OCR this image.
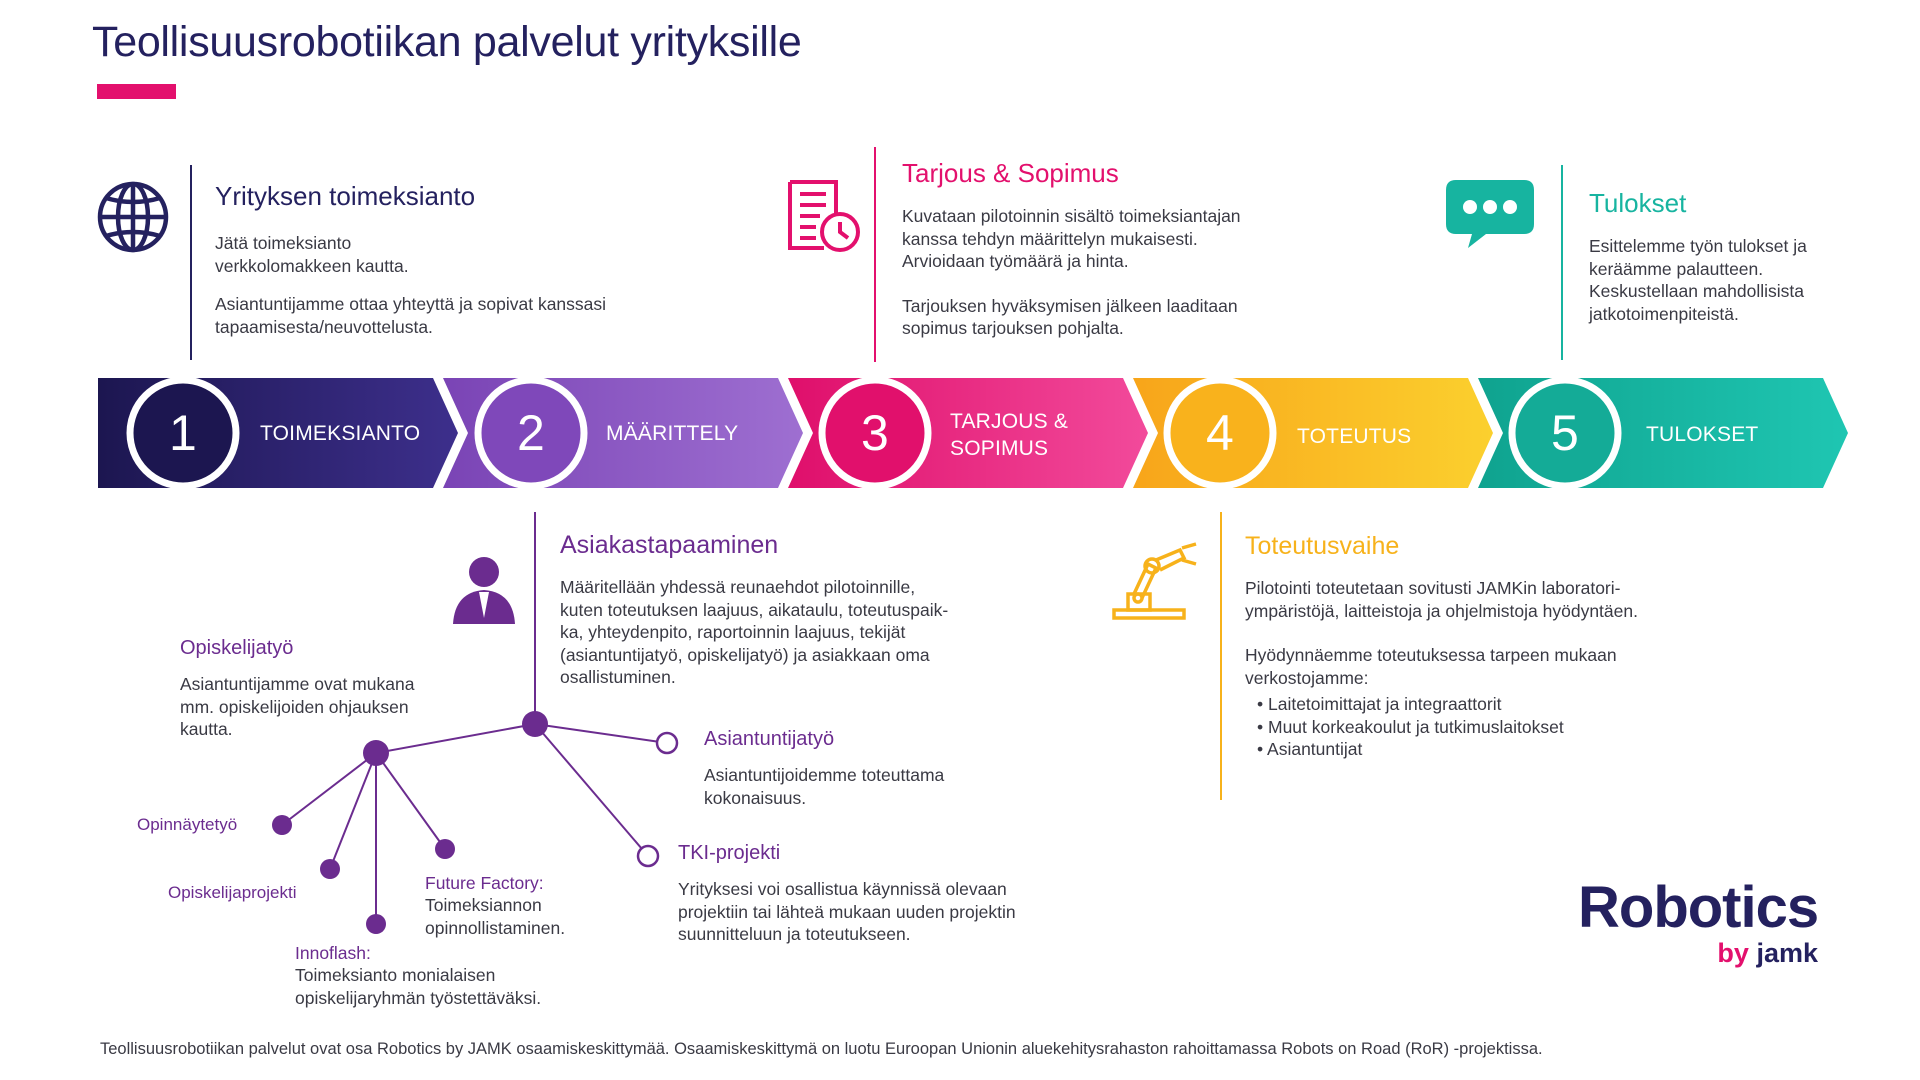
Teollisuusrobotiikan palvelut yrityksille
Yrityksen toimeksianto

Jätä toimeksianto verkkolomakkeen kautta.

Asiantuntijamme ottaa yhteyttä ja sopivat kanssasi tapaamisesta/neuvottelusta.

Tarjous & Sopimus

Kuvataan pilotoinnin sisältö toimeksiantajan kanssa tehdyn määrittelyn mukaisesti. Arvioidaan työmäärä ja hinta.

Tarjouksen hyväksymisen jälkeen laaditaan sopimus tarjouksen pohjalta.

Tulokset

Esittelemme työn tulokset ja keräämme palautteen. Keskustellaan mahdollisista jatkotoimenpiteistä.

1	TOIMEKSIANTO 2	MÄÄRITTELY 3	TARJOUS &
SOPIMUS	4	TOTEUTUS	5	TULOKSET
Asiakastapaaminen

Määritellään yhdessä reunaehdot pilotoinnille, kuten toteutuksen laajuus, aikataulu, toteutuspaik-ka, yhteydenpito, raportoinnin laajuus, tekijät (asiantuntijatyö, opiskelijatyö) ja asiakkaan oma osallistuminen.

Opiskelijatyö
Asiantuntijamme ovat mukana mm. opiskelijoiden ohjauksen kautta.	Asiantuntijatyö
Asiantuntijoidemme toteuttama kokonaisuus.
TKI-projekti
Yrityksesi voi osallistua käynnissä olevaan projektiin tai lähteä mukaan uuden projektin suunnitteluun ja toteutukseen.
Opinnäytetyö
Opiskelijaprojekti	Future Factory:
Toimeksiannon opinnollistaminen.
Innoflash:
Toimeksianto monialaisen opiskelijaryhmän työstettäväksi.
Toteutusvaihe

Pilotointi toteutetaan sovitusti JAMKin laboratori-ympäristöjä, laitteistoja ja ohjelmistoja hyödyntäen.

Hyödynnäemme toteutuksessa tarpeen mukaan verkostojamme:

• Laitetoimittajat ja integraattorit
• Muut korkeakoulut ja tutkimuslaitokset
• Asiantuntijat
Robotics
by jamk
Teollisuusrobotiikan palvelut ovat osa Robotics by JAMK osaamiskeskittymää. Osaamiskeskittymä on luotu Euroopan Unionin aluekehitysrahaston rahoittamassa Robots on Road (RoR) -projektissa.
